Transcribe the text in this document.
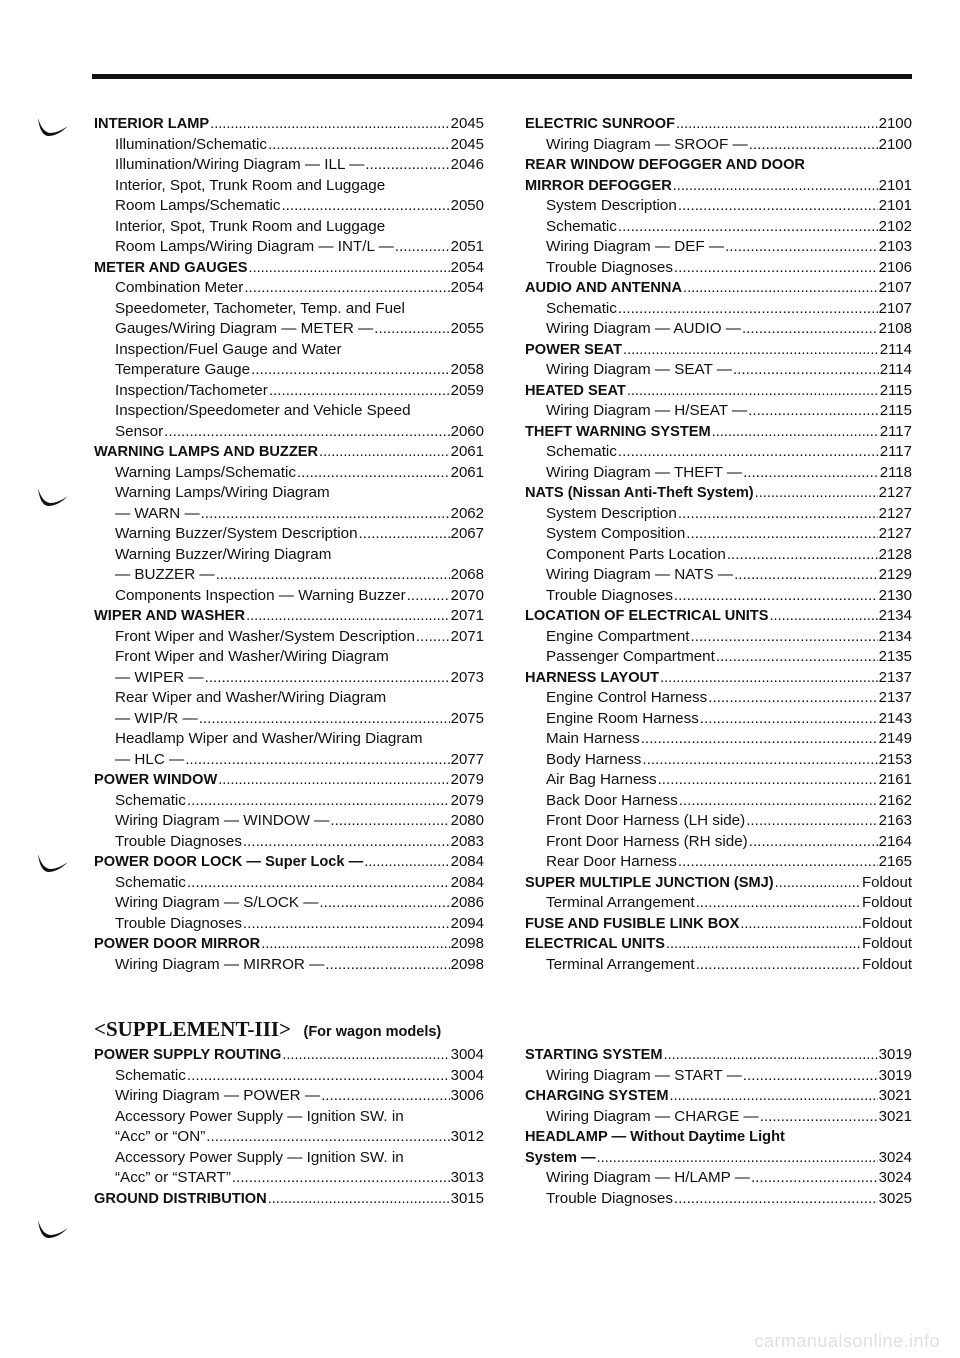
INTERIOR LAMP .....	2045
Illumination/Schematic .....	2045
Illumination/Wiring Diagram — ILL — .....	2046
Interior, Spot, Trunk Room and Luggage
Room Lamps/Schematic .....	2050
Interior, Spot, Trunk Room and Luggage
Room Lamps/Wiring Diagram — INT/L — .....	2051
METER AND GAUGES .....	2054
Combination Meter .....	2054
Speedometer, Tachometer, Temp. and Fuel
Gauges/Wiring Diagram — METER — .....	2055
Inspection/Fuel Gauge and Water
Temperature Gauge .....	2058
Inspection/Tachometer .....	2059
Inspection/Speedometer and Vehicle Speed
Sensor .....	2060
WARNING LAMPS AND BUZZER .....	2061
Warning Lamps/Schematic .....	2061
Warning Lamps/Wiring Diagram
— WARN — .....	2062
Warning Buzzer/System Description .....	2067
Warning Buzzer/Wiring Diagram
— BUZZER — .....	2068
Components Inspection — Warning Buzzer .....	2070
WIPER AND WASHER .....	2071
Front Wiper and Washer/System Description ..... 2071
Front Wiper and Washer/Wiring Diagram
— WIPER — .....	2073
Rear Wiper and Washer/Wiring Diagram
— WIP/R — .....	2075
Headlamp Wiper and Washer/Wiring Diagram
— HLC — .....	2077
POWER WINDOW .....	2079
Schematic .....	2079
Wiring Diagram — WINDOW — .....	2080
Trouble Diagnoses .....	2083
POWER DOOR LOCK — Super Lock — .....	2084
Schematic .....	2084
Wiring Diagram — S/LOCK — .....	2086
Trouble Diagnoses .....	2094
POWER DOOR MIRROR .....	2098
Wiring Diagram — MIRROR — .....	2098
ELECTRIC SUNROOF .....	2100
Wiring Diagram — SROOF — .....	2100
REAR WINDOW DEFOGGER AND DOOR
MIRROR DEFOGGER .....	2101
System Description .....	2101
Schematic .....	2102
Wiring Diagram — DEF — .....	2103
Trouble Diagnoses .....	2106
AUDIO AND ANTENNA .....	2107
Schematic .....	2107
Wiring Diagram — AUDIO — .....	2108
POWER SEAT .....	2114
Wiring Diagram — SEAT — .....	2114
HEATED SEAT .....	2115
Wiring Diagram — H/SEAT — .....	2115
THEFT WARNING SYSTEM .....	2117
Schematic .....	2117
Wiring Diagram — THEFT — .....	2118
NATS (Nissan Anti-Theft System) .....	2127
System Description .....	2127
System Composition .....	2127
Component Parts Location .....	2128
Wiring Diagram — NATS — .....	2129
Trouble Diagnoses .....	2130
LOCATION OF ELECTRICAL UNITS .....	2134
Engine Compartment .....	2134
Passenger Compartment .....	2135
HARNESS LAYOUT .....	2137
Engine Control Harness .....	2137
Engine Room Harness .....	2143
Main Harness .....	2149
Body Harness .....	2153
Air Bag Harness .....	2161
Back Door Harness .....	2162
Front Door Harness (LH side) .....	2163
Front Door Harness (RH side) .....	2164
Rear Door Harness .....	2165
SUPER MULTIPLE JUNCTION (SMJ) .....	Foldout
Terminal Arrangement .....	Foldout
FUSE AND FUSIBLE LINK BOX .....	Foldout
ELECTRICAL UNITS .....	Foldout
Terminal Arrangement .....	Foldout
<SUPPLEMENT-III> (For wagon models)
POWER SUPPLY ROUTING .....	3004
Schematic .....	3004
Wiring Diagram — POWER — .....	3006
Accessory Power Supply — Ignition SW. in
“Acc” or “ON” .....	3012
Accessory Power Supply — Ignition SW. in
“Acc” or “START” .....	3013
GROUND DISTRIBUTION .....	3015
STARTING SYSTEM .....	3019
Wiring Diagram — START — .....	3019
CHARGING SYSTEM .....	3021
Wiring Diagram — CHARGE — .....	3021
HEADLAMP — Without Daytime Light
System — .....	3024
Wiring Diagram — H/LAMP — .....	3024
Trouble Diagnoses .....	3025
carmanualsonline.info
